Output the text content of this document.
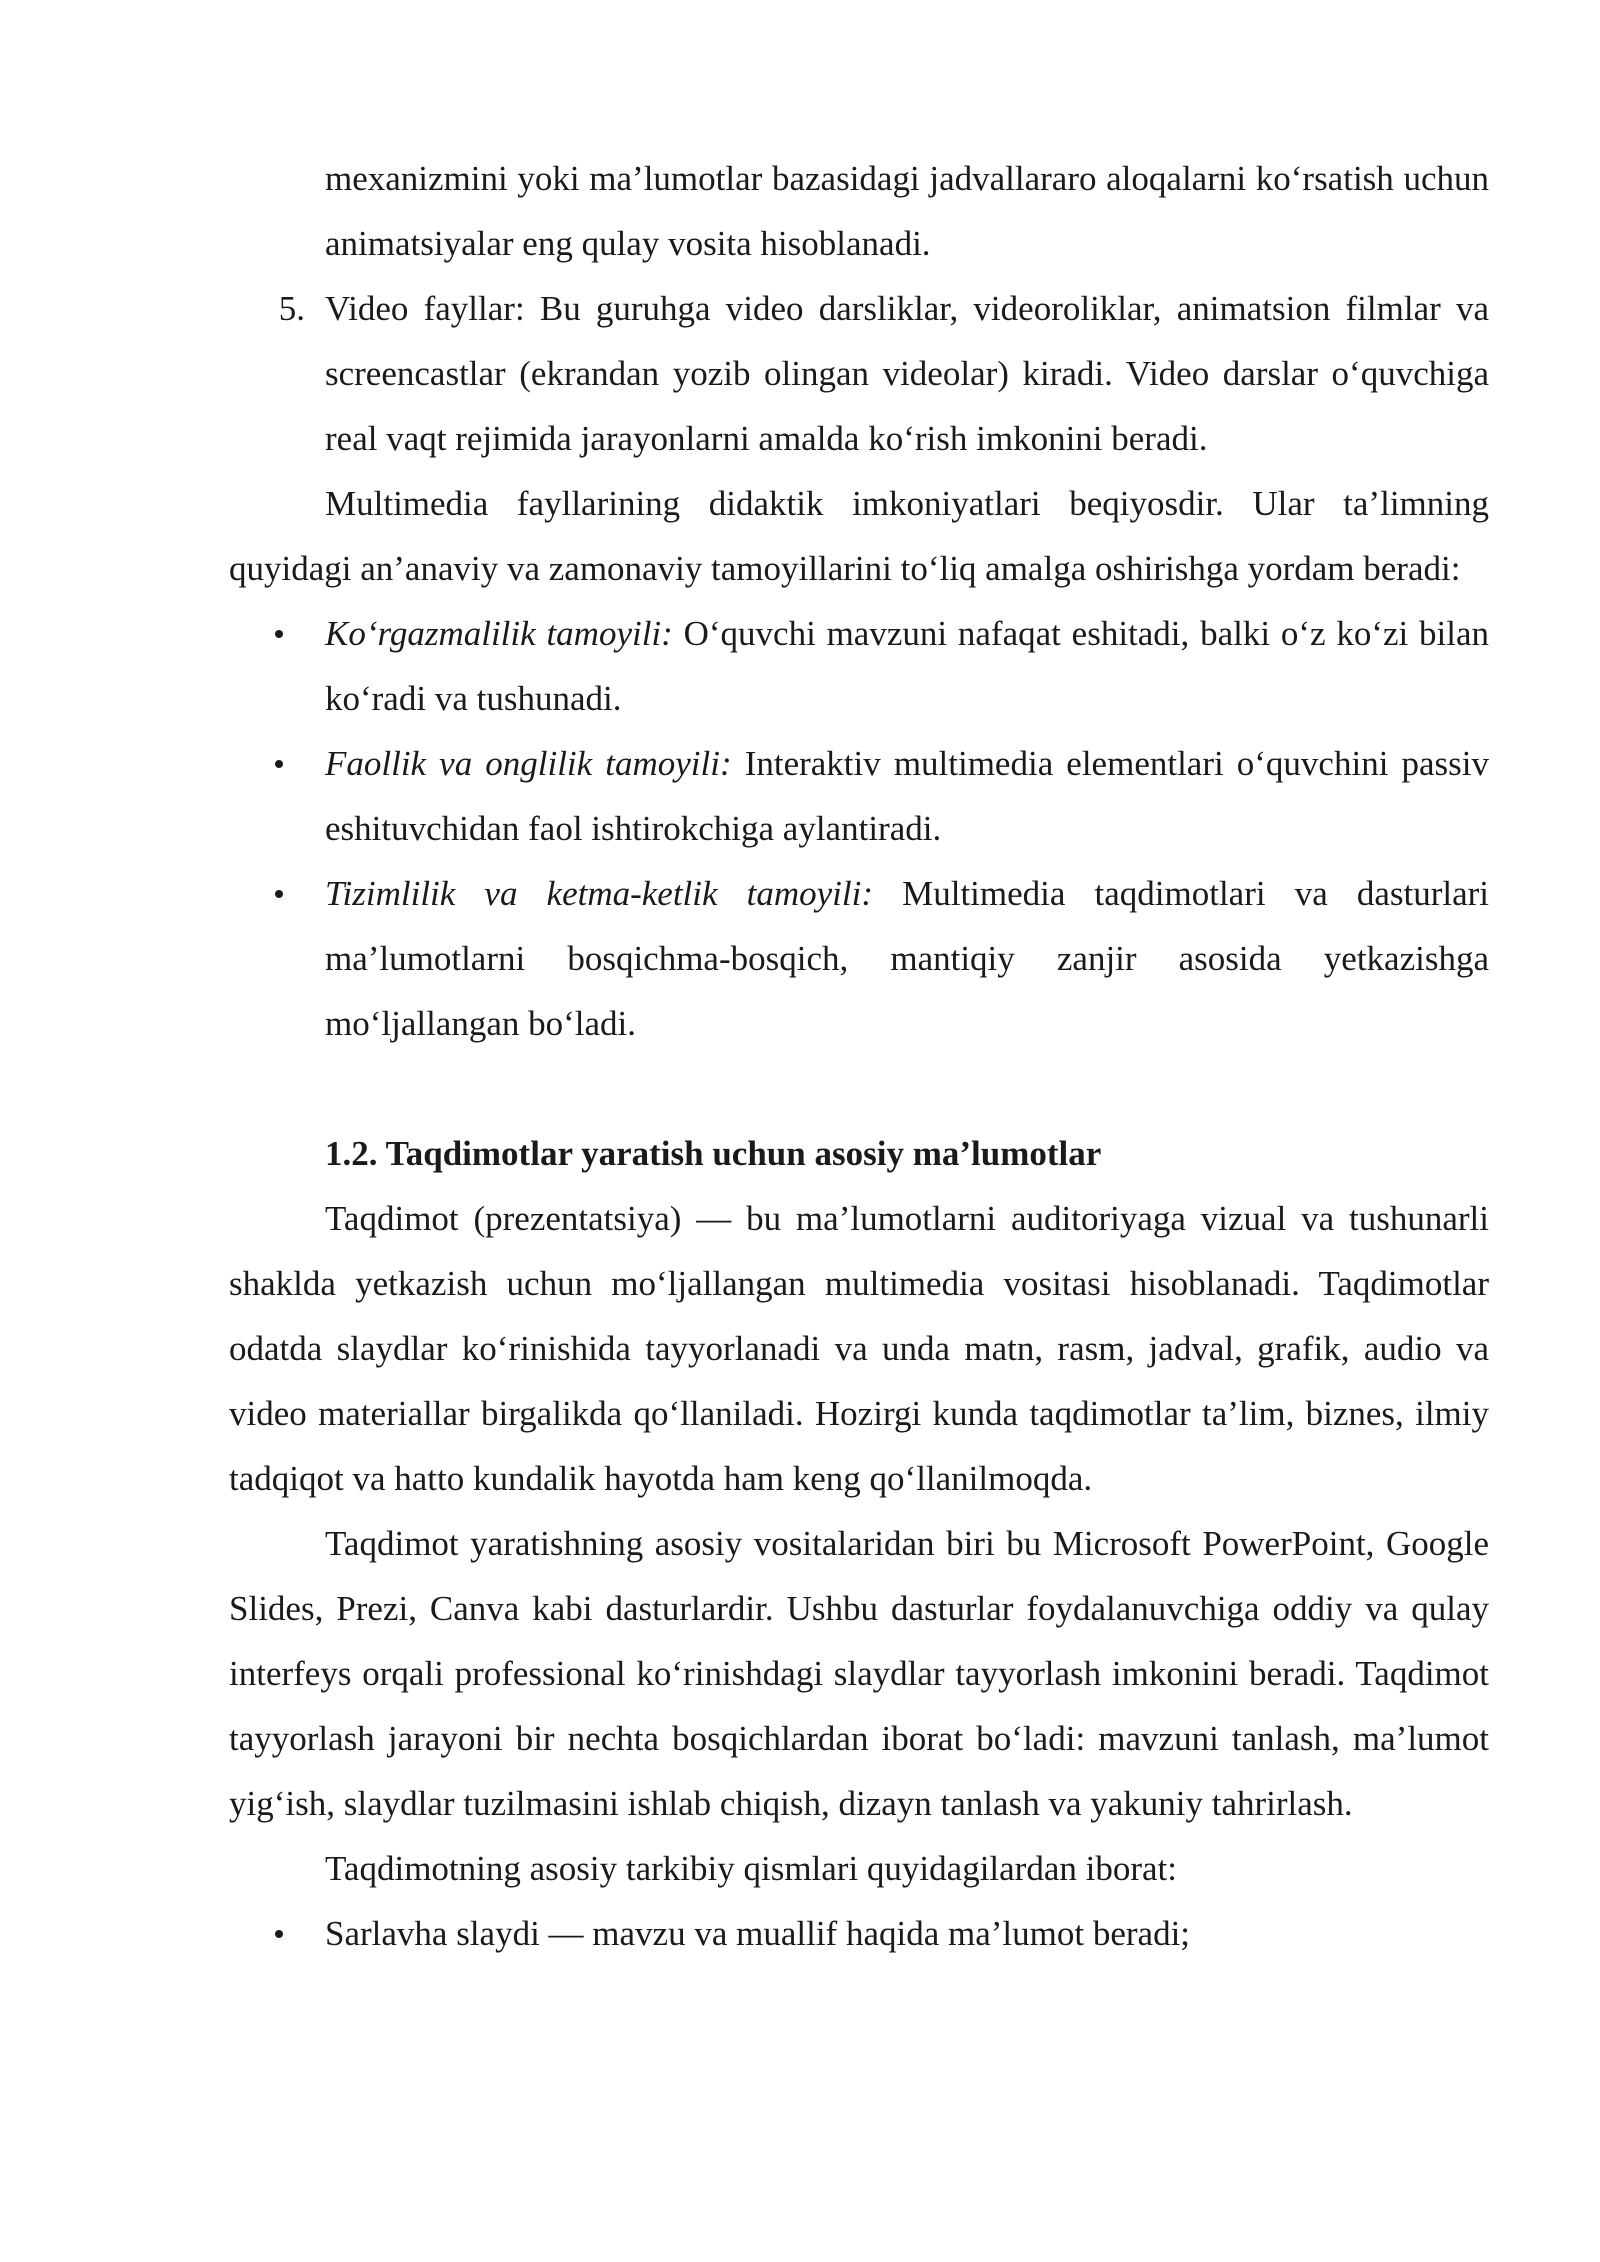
mexanizmini yoki ma’lumotlar bazasidagi jadvallararo aloqalarni ko‘rsatish uchun animatsiyalar eng qulay vosita hisoblanadi.

5. Video fayllar: Bu guruhga video darsliklar, videoroliklar, animatsion filmlar va screencastlar (ekrandan yozib olingan videolar) kiradi. Video darslar o‘quvchiga real vaqt rejimida jarayonlarni amalda ko‘rish imkonini beradi.

Multimedia fayllarining didaktik imkoniyatlari beqiyosdir. Ular ta’limning quyidagi an’anaviy va zamonaviy tamoyillarini to‘liq amalga oshirishga yordam beradi:

Ko‘rgazmalilik tamoyili: O‘quvchi mavzuni nafaqat eshitadi, balki o‘z ko‘zi bilan ko‘radi va tushunadi.

Faollik va onglilik tamoyili: Interaktiv multimedia elementlari o‘quvchini passiv eshituvchidan faol ishtirokchiga aylantiradi.

Tizimlilik va ketma-ketlik tamoyili: Multimedia taqdimotlari va dasturlari ma’lumotlarni bosqichma-bosqich, mantiqiy zanjir asosida yetkazishga mo‘ljallangan bo‘ladi.

1.2. Taqdimotlar yaratish uchun asosiy ma’lumotlar

Taqdimot (prezentatsiya) — bu ma’lumotlarni auditoriyaga vizual va tushunarli shaklda yetkazish uchun mo‘ljallangan multimedia vositasi hisoblanadi. Taqdimotlar odatda slaydlar ko‘rinishida tayyorlanadi va unda matn, rasm, jadval, grafik, audio va video materiallar birgalikda qo‘llaniladi. Hozirgi kunda taqdimotlar ta’lim, biznes, ilmiy tadqiqot va hatto kundalik hayotda ham keng qo‘llanilmoqda.

Taqdimot yaratishning asosiy vositalaridan biri bu Microsoft PowerPoint, Google Slides, Prezi, Canva kabi dasturlardir. Ushbu dasturlar foydalanuvchiga oddiy va qulay interfeys orqali professional ko‘rinishdagi slaydlar tayyorlash imkonini beradi. Taqdimot tayyorlash jarayoni bir nechta bosqichlardan iborat bo‘ladi: mavzuni tanlash, ma’lumot yig‘ish, slaydlar tuzilmasini ishlab chiqish, dizayn tanlash va yakuniy tahrirlash.

Taqdimotning asosiy tarkibiy qismlari quyidagilardan iborat:

Sarlavha slaydi — mavzu va muallif haqida ma’lumot beradi;
